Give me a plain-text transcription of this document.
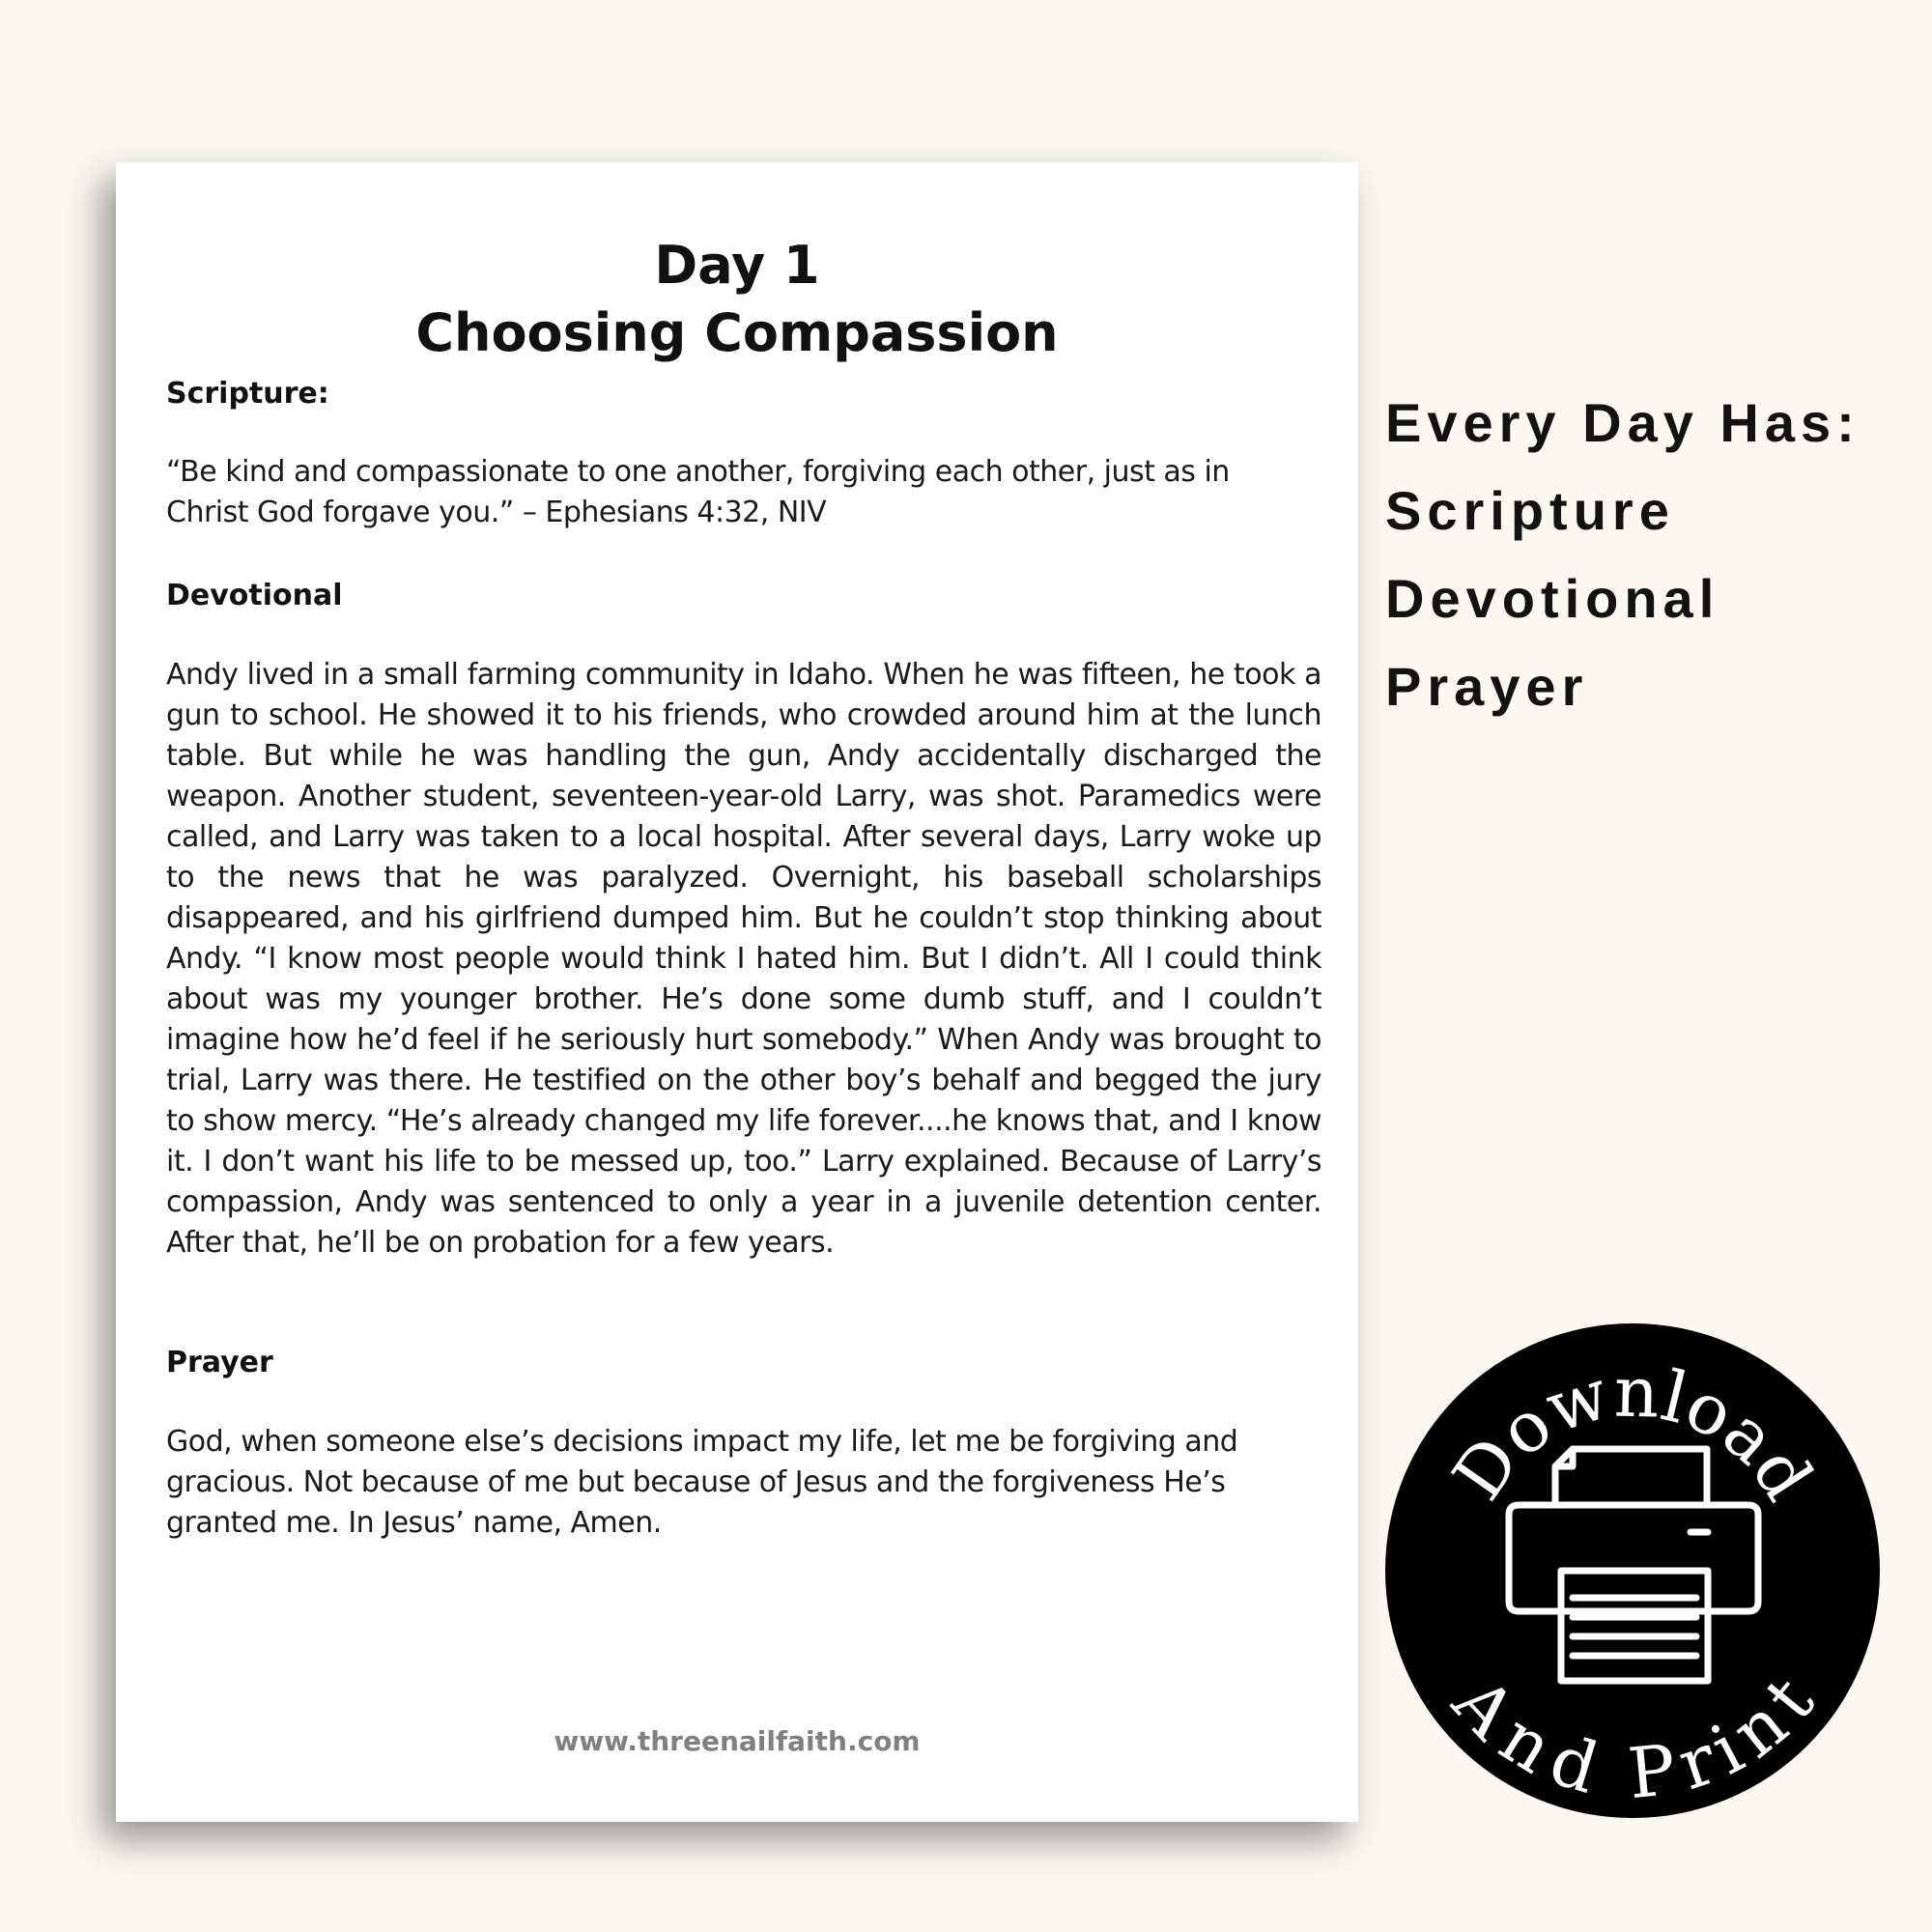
Day 1
Choosing Compassion
Scripture:
“Be kind and compassionate to one another, forgiving each other, just as in Christ God forgave you.” – Ephesians 4:32, NIV
Devotional
Andy lived in a small farming community in Idaho. When he was fifteen, he took a gun to school. He showed it to his friends, who crowded around him at the lunch table. But while he was handling the gun, Andy accidentally discharged the weapon. Another student, seventeen-year-old Larry, was shot. Paramedics were called, and Larry was taken to a local hospital. After several days, Larry woke up to the news that he was paralyzed. Overnight, his baseball scholarships disappeared, and his girlfriend dumped him. But he couldn’t stop thinking about Andy. “I know most people would think I hated him. But I didn’t. All I could think about was my younger brother. He’s done some dumb stuff, and I couldn’t imagine how he’d feel if he seriously hurt somebody.” When Andy was brought to trial, Larry was there. He testified on the other boy’s behalf and begged the jury to show mercy. “He’s already changed my life forever....he knows that, and I know it. I don’t want his life to be messed up, too.” Larry explained. Because of Larry’s compassion, Andy was sentenced to only a year in a juvenile detention center. After that, he’ll be on probation for a few years.
Prayer
God, when someone else’s decisions impact my life, let me be forgiving and gracious. Not because of me but because of Jesus and the forgiveness He’s granted me. In Jesus’ name, Amen.
www.threenailfaith.com
Every Day Has:
Scripture
Devotional
Prayer
Download
And Print
